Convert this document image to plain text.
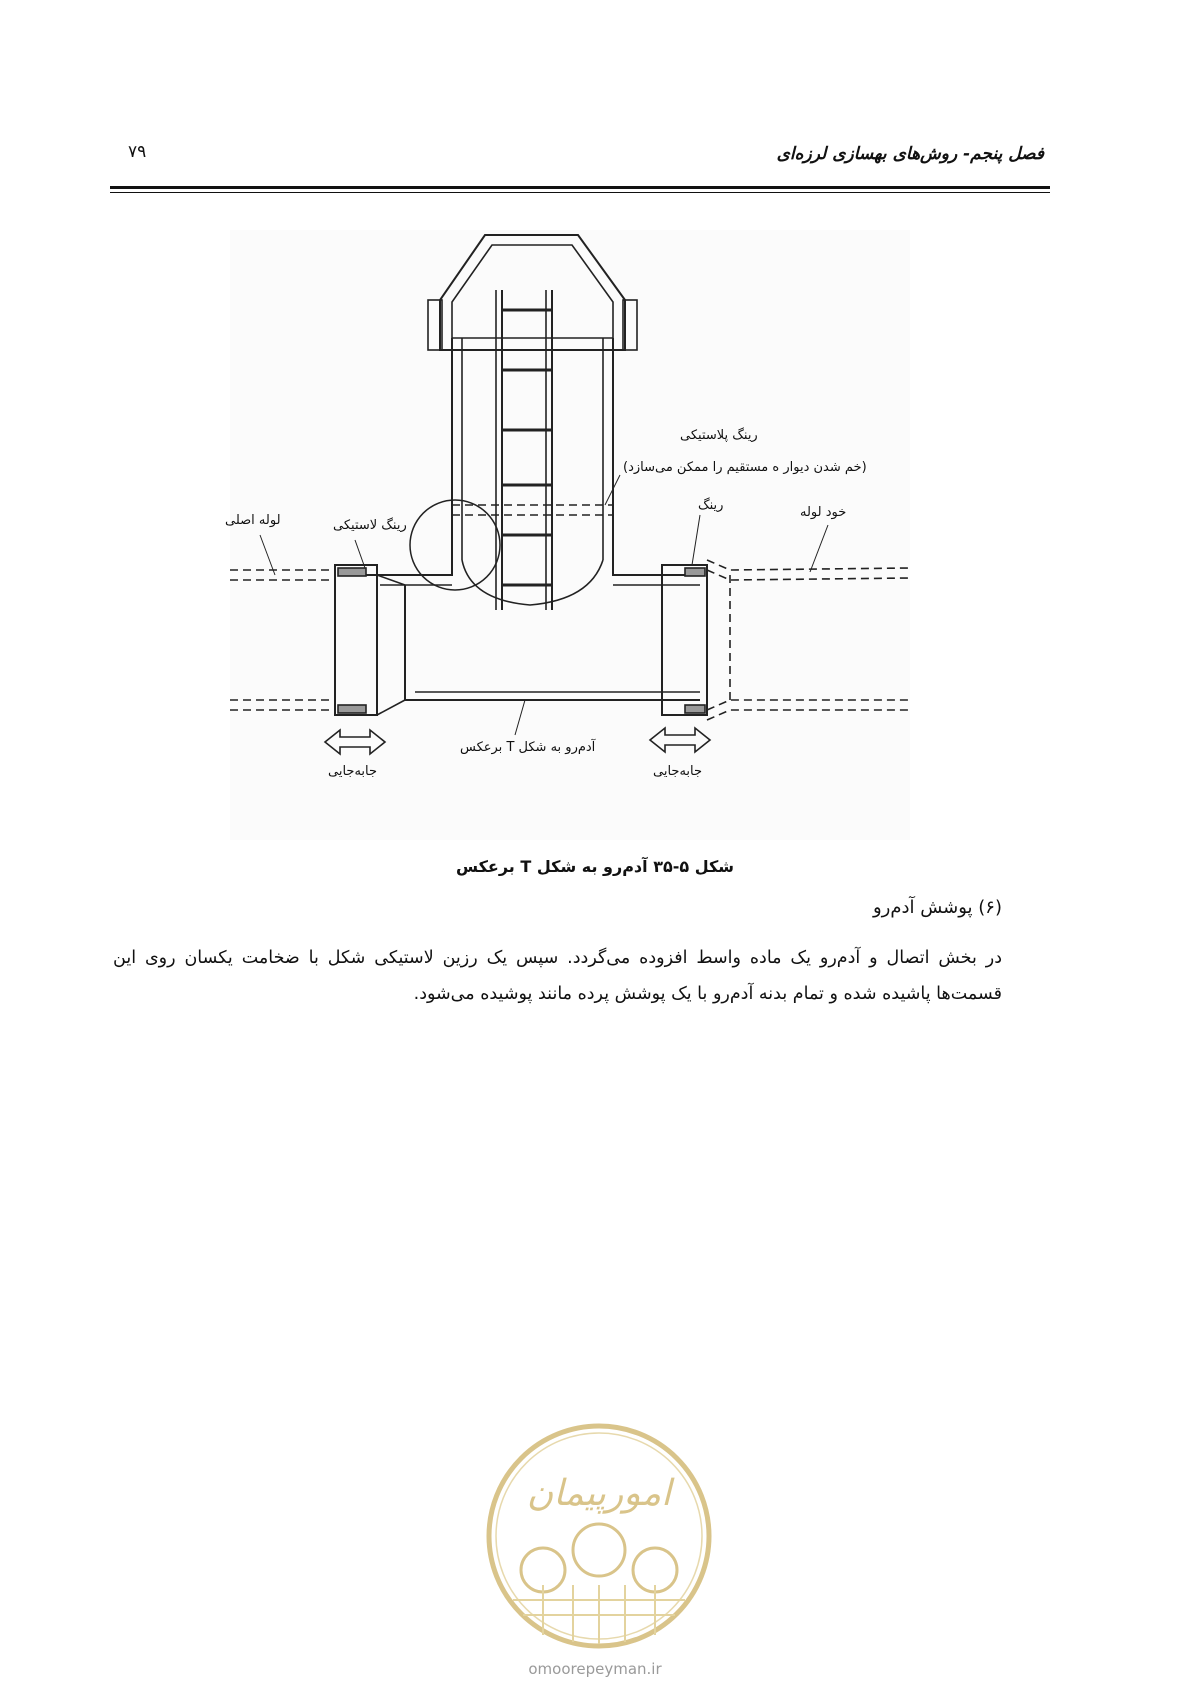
۷۹	فصل پنجم- روش‌های بهسازی لرزه‌ای
رینگ پلاستیکی
(خم شدن دیوار ه مستقیم را ممکن می‌سازد)
لوله اصلی	رینگ لاستیکی
رینگ	خود لوله
آدم‌رو به شکل T برعکس
جابه‌جایی	جابه‌جایی
شکل ۵-۳۵ آدم‌رو به شکل T برعکس
(۶) پوشش آدم‌رو
در بخش اتصال و آدم‌رو یک ماده واسط افزوده می‌گردد. سپس یک رزین لاستیکی شکل با ضخامت یکسان روی این قسمت‌ها پاشیده شده و تمام بدنه آدم‌رو با یک پوشش پرده مانند پوشیده می‌شود.
امورپیمان
omoorepeyman.ir
